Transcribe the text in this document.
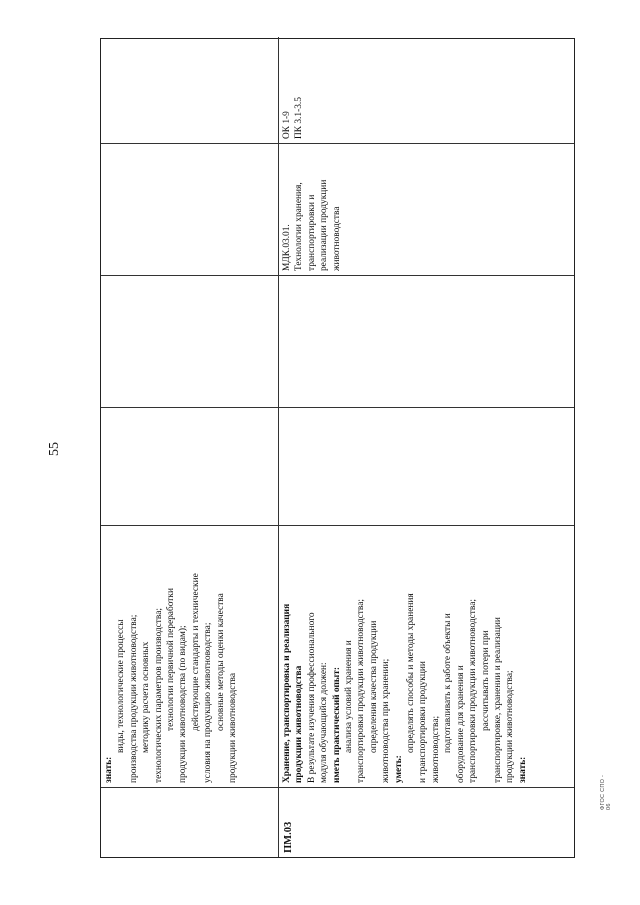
55
знать:
виды, технологические процессы производства продукции животноводства; методику расчета основных технологических параметров производства; технологии первичной переработки продукции животноводства (по видам); действующие стандарты и технические условия на продукцию животноводства; основные методы оценки качества продукции животноводства
ПМ.03
Хранение, транспортировка и реализация продукции животноводства В результате изучения профессионального модуля обучающийся должен: иметь практический опыт: анализа условий хранения и транспортировки продукции животноводства; определения качества продукции животноводства при хранении; уметь:
определять способы и методы хранения и транспортировки продукции животноводства; подготавливать к работе объекты и оборудование для хранения и транспортировки продукции животноводства; рассчитывать потери при транспортировке, хранении и реализации продукции животноводства; знать:
МДК.03.01. Технологии хранения, транспортировки и реализации продукции животноводства
ОК 1-9 ПК 3.1-3.5
ФГОС СПО - 06
